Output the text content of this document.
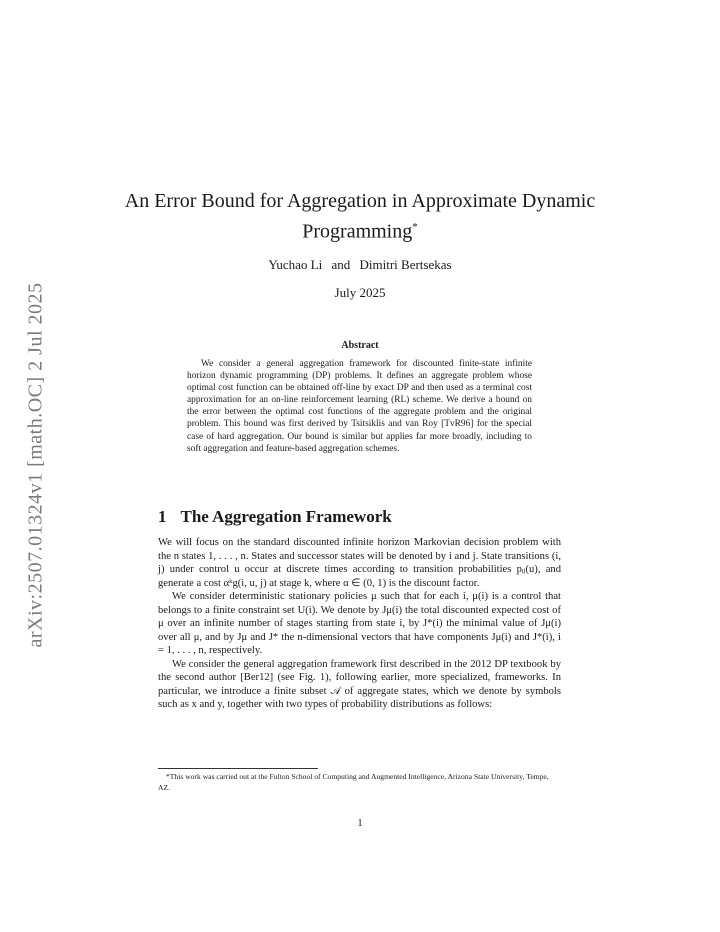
arXiv:2507.01324v1 [math.OC] 2 Jul 2025
An Error Bound for Aggregation in Approximate Dynamic Programming*
Yuchao Li and Dimitri Bertsekas
July 2025
Abstract

We consider a general aggregation framework for discounted finite-state infinite horizon dynamic programming (DP) problems. It defines an aggregate problem whose optimal cost function can be obtained off-line by exact DP and then used as a terminal cost approximation for an on-line reinforcement learning (RL) scheme. We derive a bound on the error between the optimal cost functions of the aggregate problem and the original problem. This bound was first derived by Tsitsiklis and van Roy [TvR96] for the special case of hard aggregation. Our bound is similar but applies far more broadly, including to soft aggregation and feature-based aggregation schemes.

1 The Aggregation Framework

We will focus on the standard discounted infinite horizon Markovian decision problem with the n states 1, . . . , n. States and successor states will be denoted by i and j. State transitions (i, j) under control u occur at discrete times according to transition probabilities pᵢⱼ(u), and generate a cost αᵏg(i, u, j) at stage k, where α ∈ (0, 1) is the discount factor.

We consider deterministic stationary policies μ such that for each i, μ(i) is a control that belongs to a finite constraint set U(i). We denote by Jμ(i) the total discounted expected cost of μ over an infinite number of stages starting from state i, by J*(i) the minimal value of Jμ(i) over all μ, and by Jμ and J* the n-dimensional vectors that have components Jμ(i) and J*(i), i = 1, . . . , n, respectively.

We consider the general aggregation framework first described in the 2012 DP textbook by the second author [Ber12] (see Fig. 1), following earlier, more specialized, frameworks. In particular, we introduce a finite subset 𝒜 of aggregate states, which we denote by symbols such as x and y, together with two types of probability distributions as follows:

*This work was carried out at the Fulton School of Computing and Augmented Intelligence, Arizona State University, Tempe, AZ.

1
